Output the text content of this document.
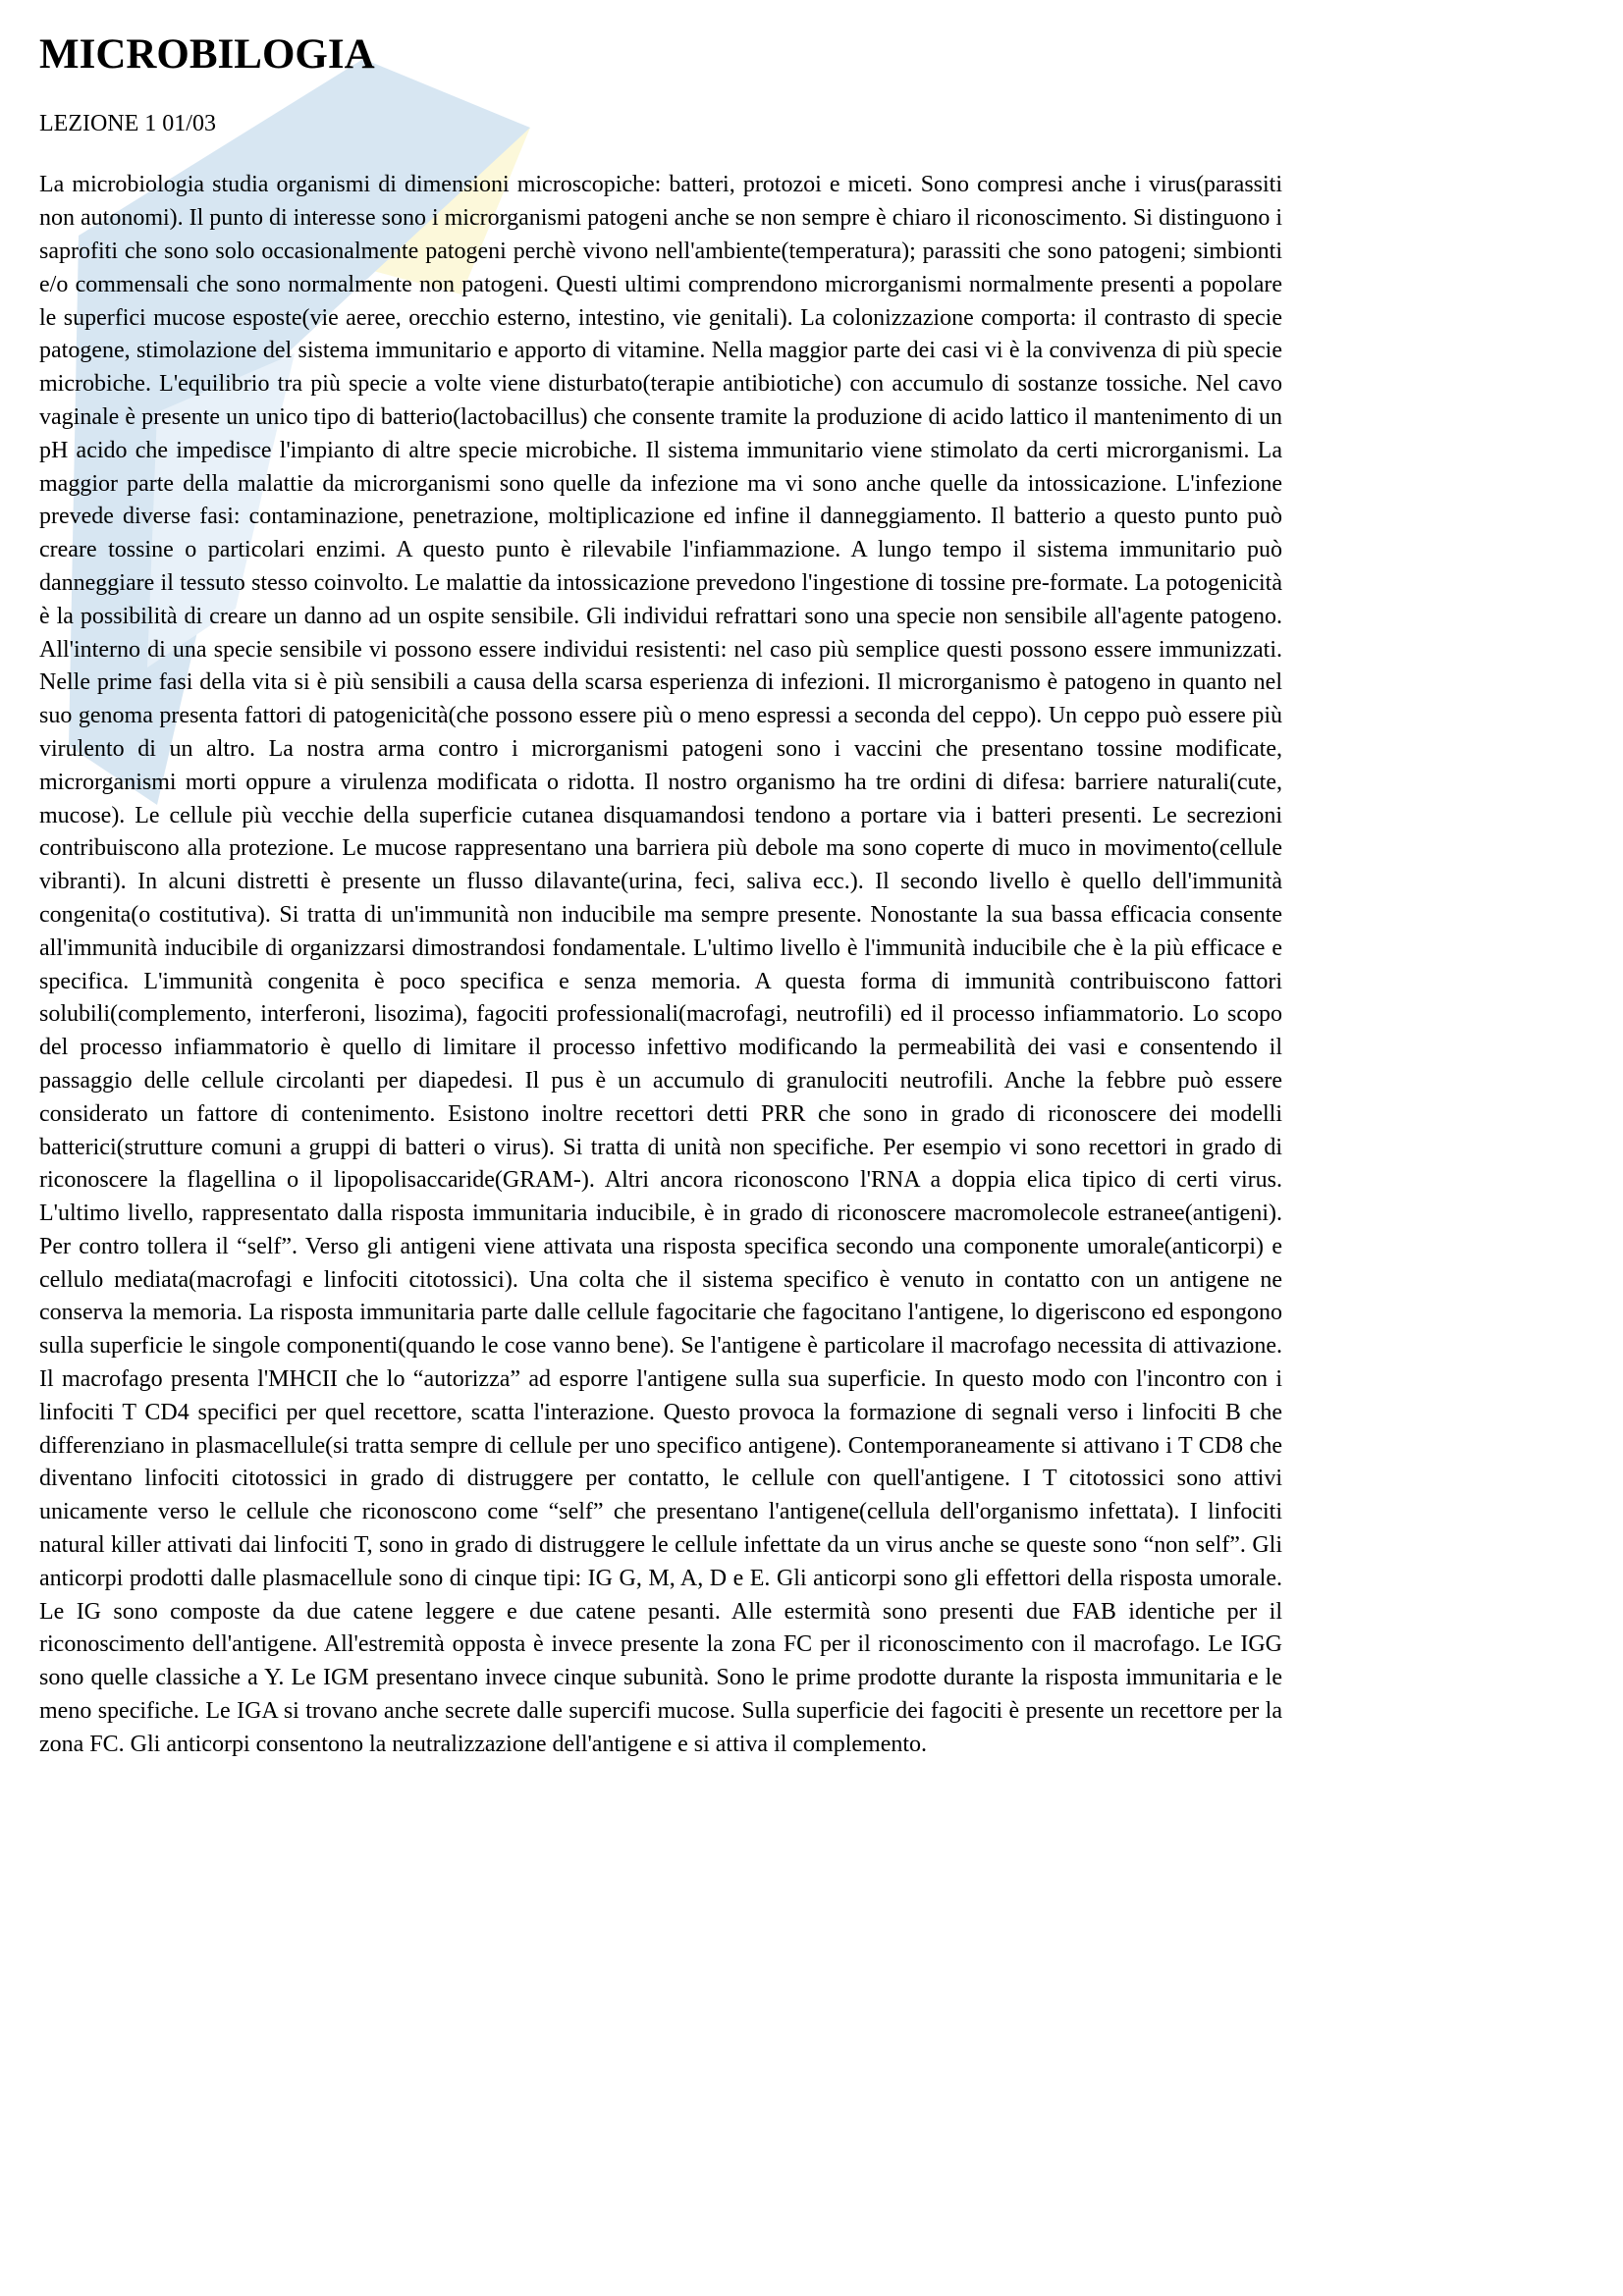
MICROBILOGIA
LEZIONE 1 01/03

La microbiologia studia organismi di dimensioni microscopiche: batteri, protozoi e miceti. Sono compresi anche i virus(parassiti non autonomi). Il punto di interesse sono i microrganismi patogeni anche se non sempre è chiaro il riconoscimento. Si distinguono i saprofiti che sono solo occasionalmente patogeni perchè vivono nell'ambiente(temperatura); parassiti che sono patogeni; simbionti e/o commensali che sono normalmente non patogeni. Questi ultimi comprendono microrganismi normalmente presenti a popolare le superfici mucose esposte(vie aeree, orecchio esterno, intestino, vie genitali). La colonizzazione comporta: il contrasto di specie patogene, stimolazione del sistema immunitario e apporto di vitamine. Nella maggior parte dei casi vi è la convivenza di più specie microbiche. L'equilibrio tra più specie a volte viene disturbato(terapie antibiotiche) con accumulo di sostanze tossiche. Nel cavo vaginale è presente un unico tipo di batterio(lactobacillus) che consente tramite la produzione di acido lattico il mantenimento di un pH acido che impedisce l'impianto di altre specie microbiche. Il sistema immunitario viene stimolato da certi microrganismi. La maggior parte della malattie da microrganismi sono quelle da infezione ma vi sono anche quelle da intossicazione. L'infezione prevede diverse fasi: contaminazione, penetrazione, moltiplicazione ed infine il danneggiamento. Il batterio a questo punto può creare tossine o particolari enzimi. A questo punto è rilevabile l'infiammazione. A lungo tempo il sistema immunitario può danneggiare il tessuto stesso coinvolto. Le malattie da intossicazione prevedono l'ingestione di tossine pre-formate. La potogenicità è la possibilità di creare un danno ad un ospite sensibile. Gli individui refrattari sono una specie non sensibile all'agente patogeno. All'interno di una specie sensibile vi possono essere individui resistenti: nel caso più semplice questi possono essere immunizzati. Nelle prime fasi della vita si è più sensibili a causa della scarsa esperienza di infezioni. Il microrganismo è patogeno in quanto nel suo genoma presenta fattori di patogenicità(che possono essere più o meno espressi a seconda del ceppo). Un ceppo può essere più virulento di un altro. La nostra arma contro i microrganismi patogeni sono i vaccini che presentano tossine modificate, microrganismi morti oppure a virulenza modificata o ridotta. Il nostro organismo ha tre ordini di difesa: barriere naturali(cute, mucose). Le cellule più vecchie della superficie cutanea disquamandosi tendono a portare via i batteri presenti. Le secrezioni contribuiscono alla protezione. Le mucose rappresentano una barriera più debole ma sono coperte di muco in movimento(cellule vibranti). In alcuni distretti è presente un flusso dilavante(urina, feci, saliva ecc.). Il secondo livello è quello dell'immunità congenita(o costitutiva). Si tratta di un'immunità non inducibile ma sempre presente. Nonostante la sua bassa efficacia consente all'immunità inducibile di organizzarsi dimostrandosi fondamentale. L'ultimo livello è l'immunità inducibile che è la più efficace e specifica. L'immunità congenita è poco specifica e senza memoria. A questa forma di immunità contribuiscono fattori solubili(complemento, interferoni, lisozima), fagociti professionali(macrofagi, neutrofili) ed il processo infiammatorio. Lo scopo del processo infiammatorio è quello di limitare il processo infettivo modificando la permeabilità dei vasi e consentendo il passaggio delle cellule circolanti per diapedesi. Il pus è un accumulo di granulociti neutrofili. Anche la febbre può essere considerato un fattore di contenimento. Esistono inoltre recettori detti PRR che sono in grado di riconoscere dei modelli batterici(strutture comuni a gruppi di batteri o virus). Si tratta di unità non specifiche. Per esempio vi sono recettori in grado di riconoscere la flagellina o il lipopolisaccaride(GRAM-). Altri ancora riconoscono l'RNA a doppia elica tipico di certi virus. L'ultimo livello, rappresentato dalla risposta immunitaria inducibile, è in grado di riconoscere macromolecole estranee(antigeni). Per contro tollera il “self”. Verso gli antigeni viene attivata una risposta specifica secondo una componente umorale(anticorpi) e cellulo mediata(macrofagi e linfociti citotossici). Una colta che il sistema specifico è venuto in contatto con un antigene ne conserva la memoria. La risposta immunitaria parte dalle cellule fagocitarie che fagocitano l'antigene, lo digeriscono ed espongono sulla superficie le singole componenti(quando le cose vanno bene). Se l'antigene è particolare il macrofago necessita di attivazione. Il macrofago presenta l'MHCII che lo “autorizza” ad esporre l'antigene sulla sua superficie. In questo modo con l'incontro con i linfociti T CD4 specifici per quel recettore, scatta l'interazione. Questo provoca la formazione di segnali verso i linfociti B che differenziano in plasmacellule(si tratta sempre di cellule per uno specifico antigene). Contemporaneamente si attivano i T CD8 che diventano linfociti citotossici in grado di distruggere per contatto, le cellule con quell'antigene. I T citotossici sono attivi unicamente verso le cellule che riconoscono come “self” che presentano l'antigene(cellula dell'organismo infettata). I linfociti natural killer attivati dai linfociti T, sono in grado di distruggere le cellule infettate da un virus anche se queste sono “non self”. Gli anticorpi prodotti dalle plasmacellule sono di cinque tipi: IG G, M, A, D e E. Gli anticorpi sono gli effettori della risposta umorale. Le IG sono composte da due catene leggere e due catene pesanti. Alle estermità sono presenti due FAB identiche per il riconoscimento dell'antigene. All'estremità opposta è invece presente la zona FC per il riconoscimento con il macrofago. Le IGG sono quelle classiche a Y. Le IGM presentano invece cinque subunità. Sono le prime prodotte durante la risposta immunitaria e le meno specifiche. Le IGA si trovano anche secrete dalle supercifi mucose. Sulla superficie dei fagociti è presente un recettore per la zona FC. Gli anticorpi consentono la neutralizzazione dell'antigene e si attiva il complemento.
